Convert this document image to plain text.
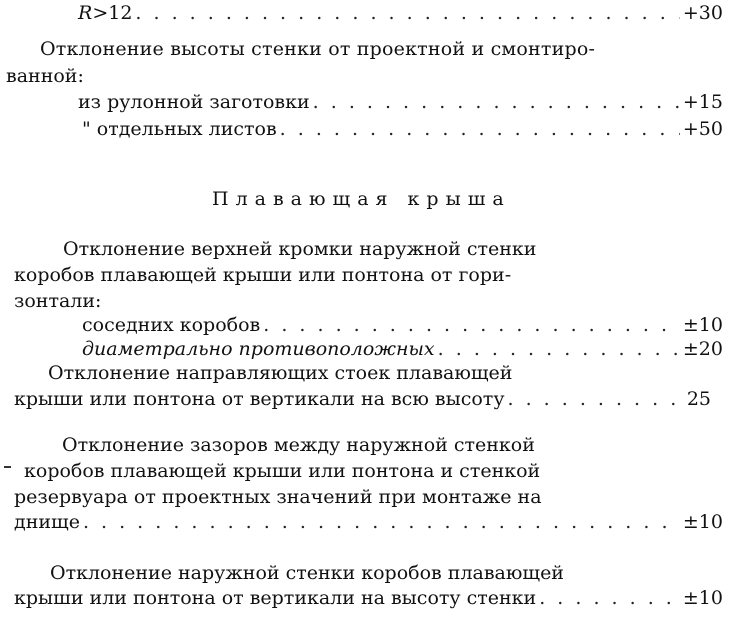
R>12 . . .	+30
Отклонение высоты стенки от проектной и смонтиро-
ванной:
из рулонной заготовки . . .	+15
" отдельных листов . . .	+50
Плавающая крыша
Отклонение верхней кромки наружной стенки
коробов плавающей крыши или понтона от гори-
зонтали:
соседних коробов . . .	±10
диаметрально противоположных . . .	±20
Отклонение направляющих стоек плавающей
крыши или понтона от вертикали на всю высоту . . .	25
Отклонение зазоров между наружной стенкой
коробов плавающей крыши или понтона и стенкой
резервуара от проектных значений при монтаже на
днище . . .	±10
Отклонение наружной стенки коробов плавающей
крыши или понтона от вертикали на высоту стенки . . .	±10
